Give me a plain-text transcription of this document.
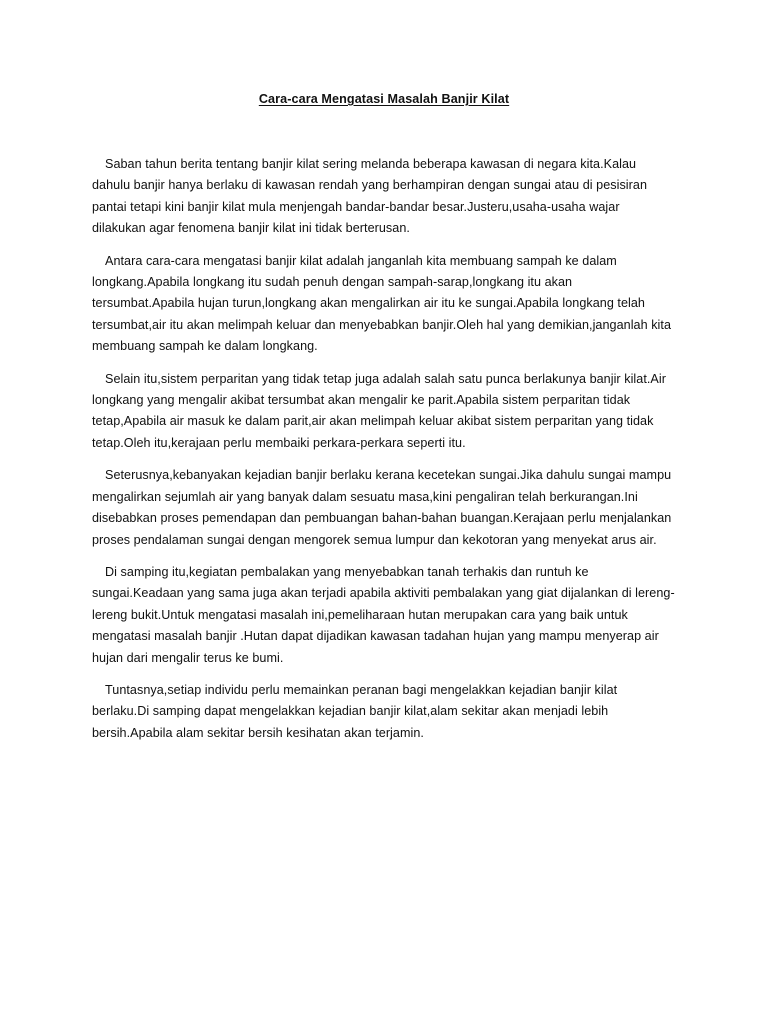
Cara-cara Mengatasi Masalah Banjir Kilat

Saban tahun berita tentang banjir kilat sering melanda beberapa kawasan di negara kita.Kalau dahulu banjir hanya berlaku di kawasan rendah yang berhampiran dengan sungai atau di pesisiran pantai tetapi kini banjir kilat mula menjengah bandar-bandar besar.Justeru,usaha-usaha wajar dilakukan agar fenomena banjir kilat ini tidak berterusan.

Antara cara-cara mengatasi banjir kilat adalah janganlah kita membuang sampah ke dalam longkang.Apabila longkang itu sudah penuh dengan sampah-sarap,longkang itu akan tersumbat.Apabila hujan turun,longkang akan mengalirkan air itu ke sungai.Apabila longkang telah tersumbat,air itu akan melimpah keluar dan menyebabkan banjir.Oleh hal yang demikian,janganlah kita membuang sampah ke dalam longkang.

Selain itu,sistem perparitan yang tidak tetap juga adalah salah satu punca berlakunya banjir kilat.Air longkang yang mengalir akibat tersumbat akan mengalir ke parit.Apabila sistem perparitan tidak tetap,Apabila air masuk ke dalam parit,air akan melimpah keluar akibat sistem perparitan yang tidak tetap.Oleh itu,kerajaan perlu membaiki perkara-perkara seperti itu.

Seterusnya,kebanyakan kejadian banjir berlaku kerana kecetekan sungai.Jika dahulu sungai mampu mengalirkan sejumlah air yang banyak dalam sesuatu masa,kini pengaliran telah berkurangan.Ini disebabkan proses pemendapan dan pembuangan bahan-bahan buangan.Kerajaan perlu menjalankan proses pendalaman sungai dengan mengorek semua lumpur dan kekotoran yang menyekat arus air.

Di samping itu,kegiatan pembalakan yang menyebabkan tanah terhakis dan runtuh ke sungai.Keadaan yang sama juga akan terjadi apabila aktiviti pembalakan yang giat dijalankan di lereng-lereng bukit.Untuk mengatasi masalah ini,pemeliharaan hutan merupakan cara yang baik untuk mengatasi masalah banjir .Hutan dapat dijadikan kawasan tadahan hujan yang mampu menyerap air hujan dari mengalir terus ke bumi.

Tuntasnya,setiap individu perlu memainkan peranan bagi mengelakkan kejadian banjir kilat berlaku.Di samping dapat mengelakkan kejadian banjir kilat,alam sekitar akan menjadi lebih bersih.Apabila alam sekitar bersih kesihatan akan terjamin.
